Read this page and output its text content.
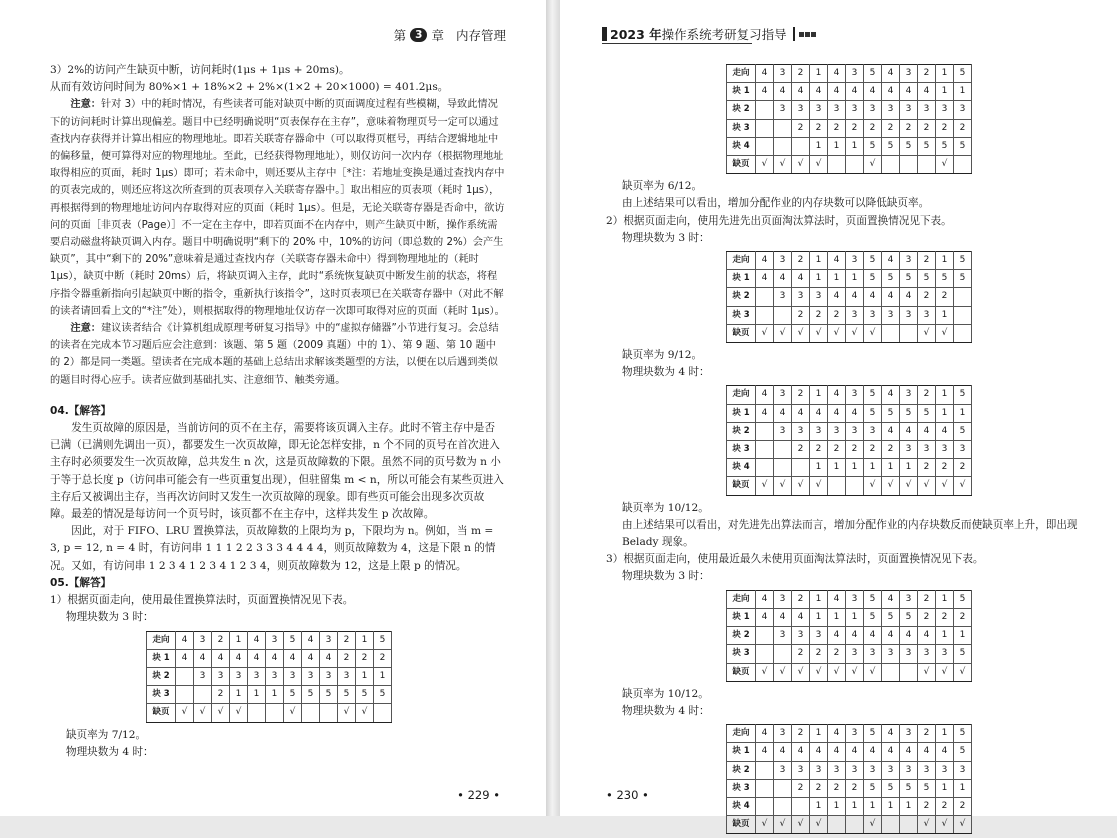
第 3 章 内存管理

3）2%的访问产生缺页中断，访问耗时(1μs + 1μs + 20ms)。

从而有效访问时间为 80%×1 + 18%×2 + 2%×(1×2 + 20×1000) = 401.2μs。

注意：针对 3）中的耗时情况，有些读者可能对缺页中断的页面调度过程有些模糊，导致此情况下的访问耗时计算出现偏差。题目中已经明确说明“页表保存在主存”，意味着物理页号一定可以通过查找内存获得并计算出相应的物理地址。即若关联寄存器命中（可以取得页框号，再结合逻辑地址中的偏移量，便可算得对应的物理地址。至此，已经获得物理地址），则仅访问一次内存（根据物理地址取得相应的页面，耗时 1μs）即可；若未命中，则还要从主存中［*注：若地址变换是通过查找内存中的页表完成的，则还应将这次所查到的页表项存入关联寄存器中。］取出相应的页表项（耗时 1μs），再根据得到的物理地址访问内存取得对应的页面（耗时 1μs）。但是，无论关联寄存器是否命中，欲访问的页面［非页表（Page）］不一定在主存中，即若页面不在内存中，则产生缺页中断，操作系统需要启动磁盘将缺页调入内存。题目中明确说明“剩下的 20% 中，10%的访问（即总数的 2%）会产生缺页”，其中“剩下的 20%”意味着是通过查找内存（关联寄存器未命中）得到物理地址的（耗时 1μs），缺页中断（耗时 20ms）后，将缺页调入主存，此时“系统恢复缺页中断发生前的状态，将程序指令器重新指向引起缺页中断的指令，重新执行该指令”，这时页表项已在关联寄存器中（对此不解的读者请回看上文的“*注”处），则根据取得的物理地址仅访存一次即可取得对应的页面（耗时 1μs）。

注意：建议读者结合《计算机组成原理考研复习指导》中的“虚拟存储器”小节进行复习。会总结的读者在完成本节习题后应会注意到：该题、第 5 题（2009 真题）中的 1）、第 9 题、第 10 题中的 2）都是同一类题。望读者在完成本题的基础上总结出求解该类题型的方法，以便在以后遇到类似的题目时得心应手。读者应做到基础扎实、注意细节、触类旁通。

04.【解答】

发生页故障的原因是，当前访问的页不在主存，需要将该页调入主存。此时不管主存中是否已满（已满则先调出一页），都要发生一次页故障，即无论怎样安排，n 个不同的页号在首次进入主存时必须要发生一次页故障，总共发生 n 次，这是页故障数的下限。虽然不同的页号数为 n 小于等于总长度 p（访问串可能会有一些页重复出现），但驻留集 m < n，所以可能会有某些页进入主存后又被调出主存，当再次访问时又发生一次页故障的现象。即有些页可能会出现多次页故障。最差的情况是每访问一个页号时，该页都不在主存中，这样共发生 p 次故障。

因此，对于 FIFO、LRU 置换算法，页故障数的上限均为 p，下限均为 n。例如，当 m = 3, p = 12, n = 4 时，有访问串 1 1 1 2 2 3 3 3 4 4 4 4，则页故障数为 4，这是下限 n 的情况。又如，有访问串 1 2 3 4 1 2 3 4 1 2 3 4，则页故障数为 12，这是上限 p 的情况。

05.【解答】

1）根据页面走向，使用最佳置换算法时，页面置换情况见下表。

物理块数为 3 时：

走向	4	3	2	1	4	3	5	4	3	2	1	5
块 1	4	4	4	4	4	4	4	4	4	2	2	2
块 2		3	3	3	3	3	3	3	3	3	1	1
块 3			2	1	1	1	5	5	5	5	5	5
缺页	√	√	√	√			√			√	√	

缺页率为 7/12。

物理块数为 4 时：

• 229 •
2023 年 操作系统考研复习指导
走向	4	3	2	1	4	3	5	4	3	2	1	5
块 1	4	4	4	4	4	4	4	4	4	4	1	1
块 2		3	3	3	3	3	3	3	3	3	3	3
块 3			2	2	2	2	2	2	2	2	2	2
块 4				1	1	1	5	5	5	5	5	5
缺页	√	√	√	√			√				√	

缺页率为 6/12。

由上述结果可以看出，增加分配作业的内存块数可以降低缺页率。

2）根据页面走向，使用先进先出页面淘汰算法时，页面置换情况见下表。

物理块数为 3 时：

走向	4	3	2	1	4	3	5	4	3	2	1	5
块 1	4	4	4	1	1	1	5	5	5	5	5	5
块 2		3	3	3	4	4	4	4	4	2	2	
块 3			2	2	2	3	3	3	3	3	1	
缺页	√	√	√	√	√	√	√			√	√	

缺页率为 9/12。

物理块数为 4 时：

走向	4	3	2	1	4	3	5	4	3	2	1	5
块 1	4	4	4	4	4	4	5	5	5	5	1	1
块 2		3	3	3	3	3	3	4	4	4	4	5
块 3			2	2	2	2	2	2	3	3	3	3
块 4				1	1	1	1	1	1	2	2	2
缺页	√	√	√	√			√	√	√	√	√	√

缺页率为 10/12。

由上述结果可以看出，对先进先出算法而言，增加分配作业的内存块数反而使缺页率上升，即出现 Belady 现象。

3）根据页面走向，使用最近最久未使用页面淘汰算法时，页面置换情况见下表。

物理块数为 3 时：

走向	4	3	2	1	4	3	5	4	3	2	1	5
块 1	4	4	4	1	1	1	5	5	5	2	2	2
块 2		3	3	3	4	4	4	4	4	4	1	1
块 3			2	2	2	3	3	3	3	3	3	5
缺页	√	√	√	√	√	√	√			√	√	√

缺页率为 10/12。

物理块数为 4 时：

走向	4	3	2	1	4	3	5	4	3	2	1	5
块 1	4	4	4	4	4	4	4	4	4	4	4	5
块 2		3	3	3	3	3	3	3	3	3	3	3
块 3			2	2	2	2	5	5	5	5	1	1
块 4				1	1	1	1	1	1	2	2	2
缺页	√	√	√	√			√			√	√	√
• 230 •
